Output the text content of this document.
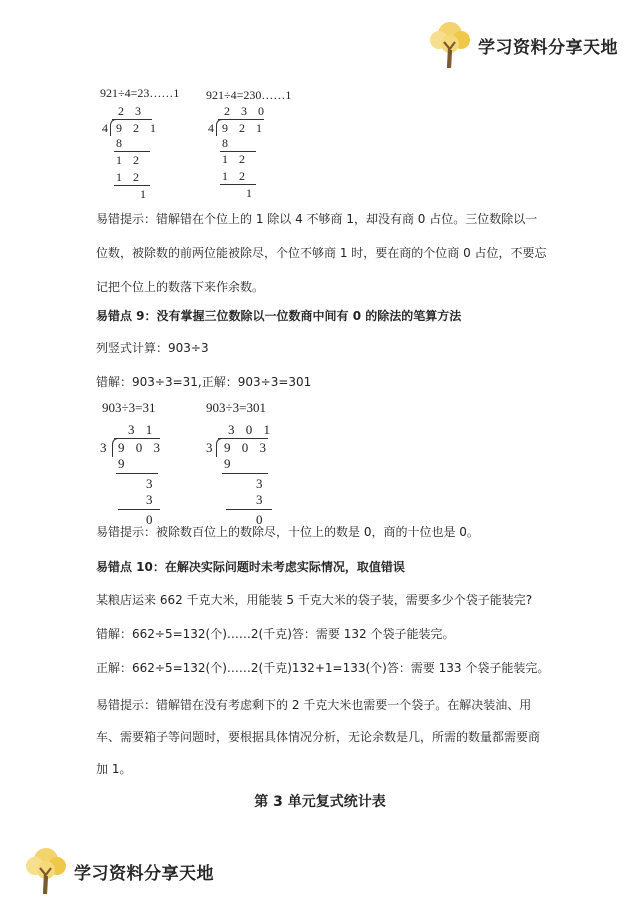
学习资料分享天地
921÷4=23……1
2 3
4 9 2 1
8
1 2
1 2
1
921÷4=230……1
2 3 0
4 9 2 1
8
1 2
1 2
1
易错提示：错解错在个位上的 1 除以 4 不够商 1，却没有商 0 占位。三位数除以一位数，被除数的前两位能被除尽，个位不够商 1 时，要在商的个位商 0 占位，不要忘记把个位上的数落下来作余数。
易错点 9：没有掌握三位数除以一位数商中间有 0 的除法的笔算方法
列竖式计算：903÷3
错解：903÷3=31,正解：903÷3=301
903÷3=31
3 1
3 9 0 3
9
3
3
0
903÷3=301
3 0 1
3 9 0 3
9
3
3
0
易错提示：被除数百位上的数除尽，十位上的数是 0，商的十位也是 0。
易错点 10：在解决实际问题时未考虑实际情况，取值错误
某粮店运来 662 千克大米，用能装 5 千克大米的袋子装，需要多少个袋子能装完?
错解：662÷5=132(个)……2(千克)答：需要 132 个袋子能装完。
正解：662÷5=132(个)……2(千克)132+1=133(个)答：需要 133 个袋子能装完。
易错提示：错解错在没有考虑剩下的 2 千克大米也需要一个袋子。在解决装油、用车、需要箱子等问题时，要根据具体情况分析，无论余数是几，所需的数量都需要商加 1。
第 3 单元复式统计表
学习资料分享天地
